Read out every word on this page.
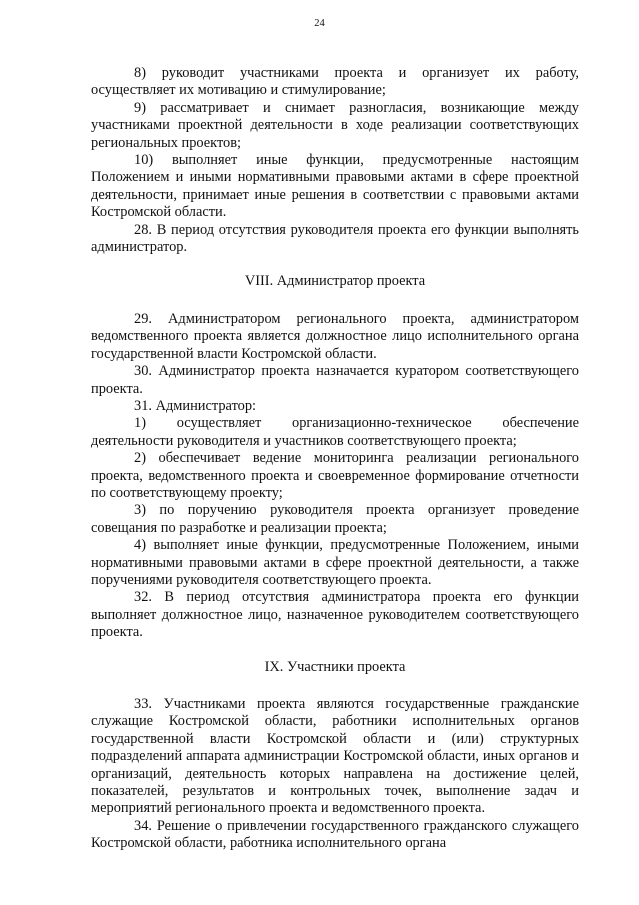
24

8) руководит участниками проекта и организует их работу, осуществляет их мотивацию и стимулирование;

9) рассматривает и снимает разногласия, возникающие между участниками проектной деятельности в ходе реализации соответствующих региональных проектов;

10) выполняет иные функции, предусмотренные настоящим Положением и иными нормативными правовыми актами в сфере проектной деятельности, принимает иные решения в соответствии с правовыми актами Костромской области.

28. В период отсутствия руководителя проекта его функции выполнять администратор.

VIII. Администратор проекта

29. Администратором регионального проекта, администратором ведомственного проекта является должностное лицо исполнительного органа государственной власти Костромской области.

30. Администратор проекта назначается куратором соответствующего проекта.

31. Администратор:

1) осуществляет организационно-техническое обеспечение деятельности руководителя и участников соответствующего проекта;

2) обеспечивает ведение мониторинга реализации регионального проекта, ведомственного проекта и своевременное формирование отчетности по соответствующему проекту;

3) по поручению руководителя проекта организует проведение совещания по разработке и реализации проекта;

4) выполняет иные функции, предусмотренные Положением, иными нормативными правовыми актами в сфере проектной деятельности, а также поручениями руководителя соответствующего проекта.

32. В период отсутствия администратора проекта его функции выполняет должностное лицо, назначенное руководителем соответствующего проекта.

IX. Участники проекта

33. Участниками проекта являются государственные гражданские служащие Костромской области, работники исполнительных органов государственной власти Костромской области и (или) структурных подразделений аппарата администрации Костромской области, иных органов и организаций, деятельность которых направлена на достижение целей, показателей, результатов и контрольных точек, выполнение задач и мероприятий регионального проекта и ведомственного проекта.

34. Решение о привлечении государственного гражданского служащего Костромской области, работника исполнительного органа
